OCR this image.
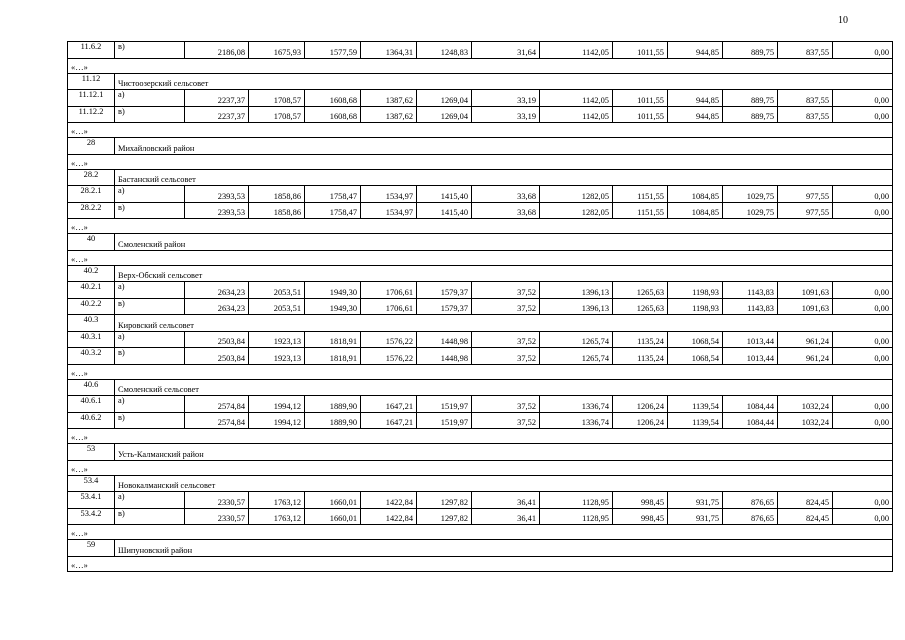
10
11.6.2	в)	2186,08	1675,93	1577,59	1364,31	1248,83	31,64	1142,05	1011,55	944,85	889,75	837,55	0,00
«…»													
11.12	Чистоозерский сельсовет												
11.12.1	а)	2237,37	1708,57	1608,68	1387,62	1269,04	33,19	1142,05	1011,55	944,85	889,75	837,55	0,00
11.12.2	в)	2237,37	1708,57	1608,68	1387,62	1269,04	33,19	1142,05	1011,55	944,85	889,75	837,55	0,00
«…»													
28	Михайловский район												
«…»													
28.2	Бастанский сельсовет												
28.2.1	а)	2393,53	1858,86	1758,47	1534,97	1415,40	33,68	1282,05	1151,55	1084,85	1029,75	977,55	0,00
28.2.2	в)	2393,53	1858,86	1758,47	1534,97	1415,40	33,68	1282,05	1151,55	1084,85	1029,75	977,55	0,00
«…»													
40	Смоленский район												
«…»													
40.2	Верх-Обский сельсовет												
40.2.1	а)	2634,23	2053,51	1949,30	1706,61	1579,37	37,52	1396,13	1265,63	1198,93	1143,83	1091,63	0,00
40.2.2	в)	2634,23	2053,51	1949,30	1706,61	1579,37	37,52	1396,13	1265,63	1198,93	1143,83	1091,63	0,00
40.3	Кировский сельсовет												
40.3.1	а)	2503,84	1923,13	1818,91	1576,22	1448,98	37,52	1265,74	1135,24	1068,54	1013,44	961,24	0,00
40.3.2	в)	2503,84	1923,13	1818,91	1576,22	1448,98	37,52	1265,74	1135,24	1068,54	1013,44	961,24	0,00
«…»													
40.6	Смоленский сельсовет												
40.6.1	а)	2574,84	1994,12	1889,90	1647,21	1519,97	37,52	1336,74	1206,24	1139,54	1084,44	1032,24	0,00
40.6.2	в)	2574,84	1994,12	1889,90	1647,21	1519,97	37,52	1336,74	1206,24	1139,54	1084,44	1032,24	0,00
«…»													
53	Усть-Калманский район												
«…»													
53.4	Новокалманский сельсовет												
53.4.1	а)	2330,57	1763,12	1660,01	1422,84	1297,82	36,41	1128,95	998,45	931,75	876,65	824,45	0,00
53.4.2	в)	2330,57	1763,12	1660,01	1422,84	1297,82	36,41	1128,95	998,45	931,75	876,65	824,45	0,00
«…»													
59	Шипуновский район												
«…»													
